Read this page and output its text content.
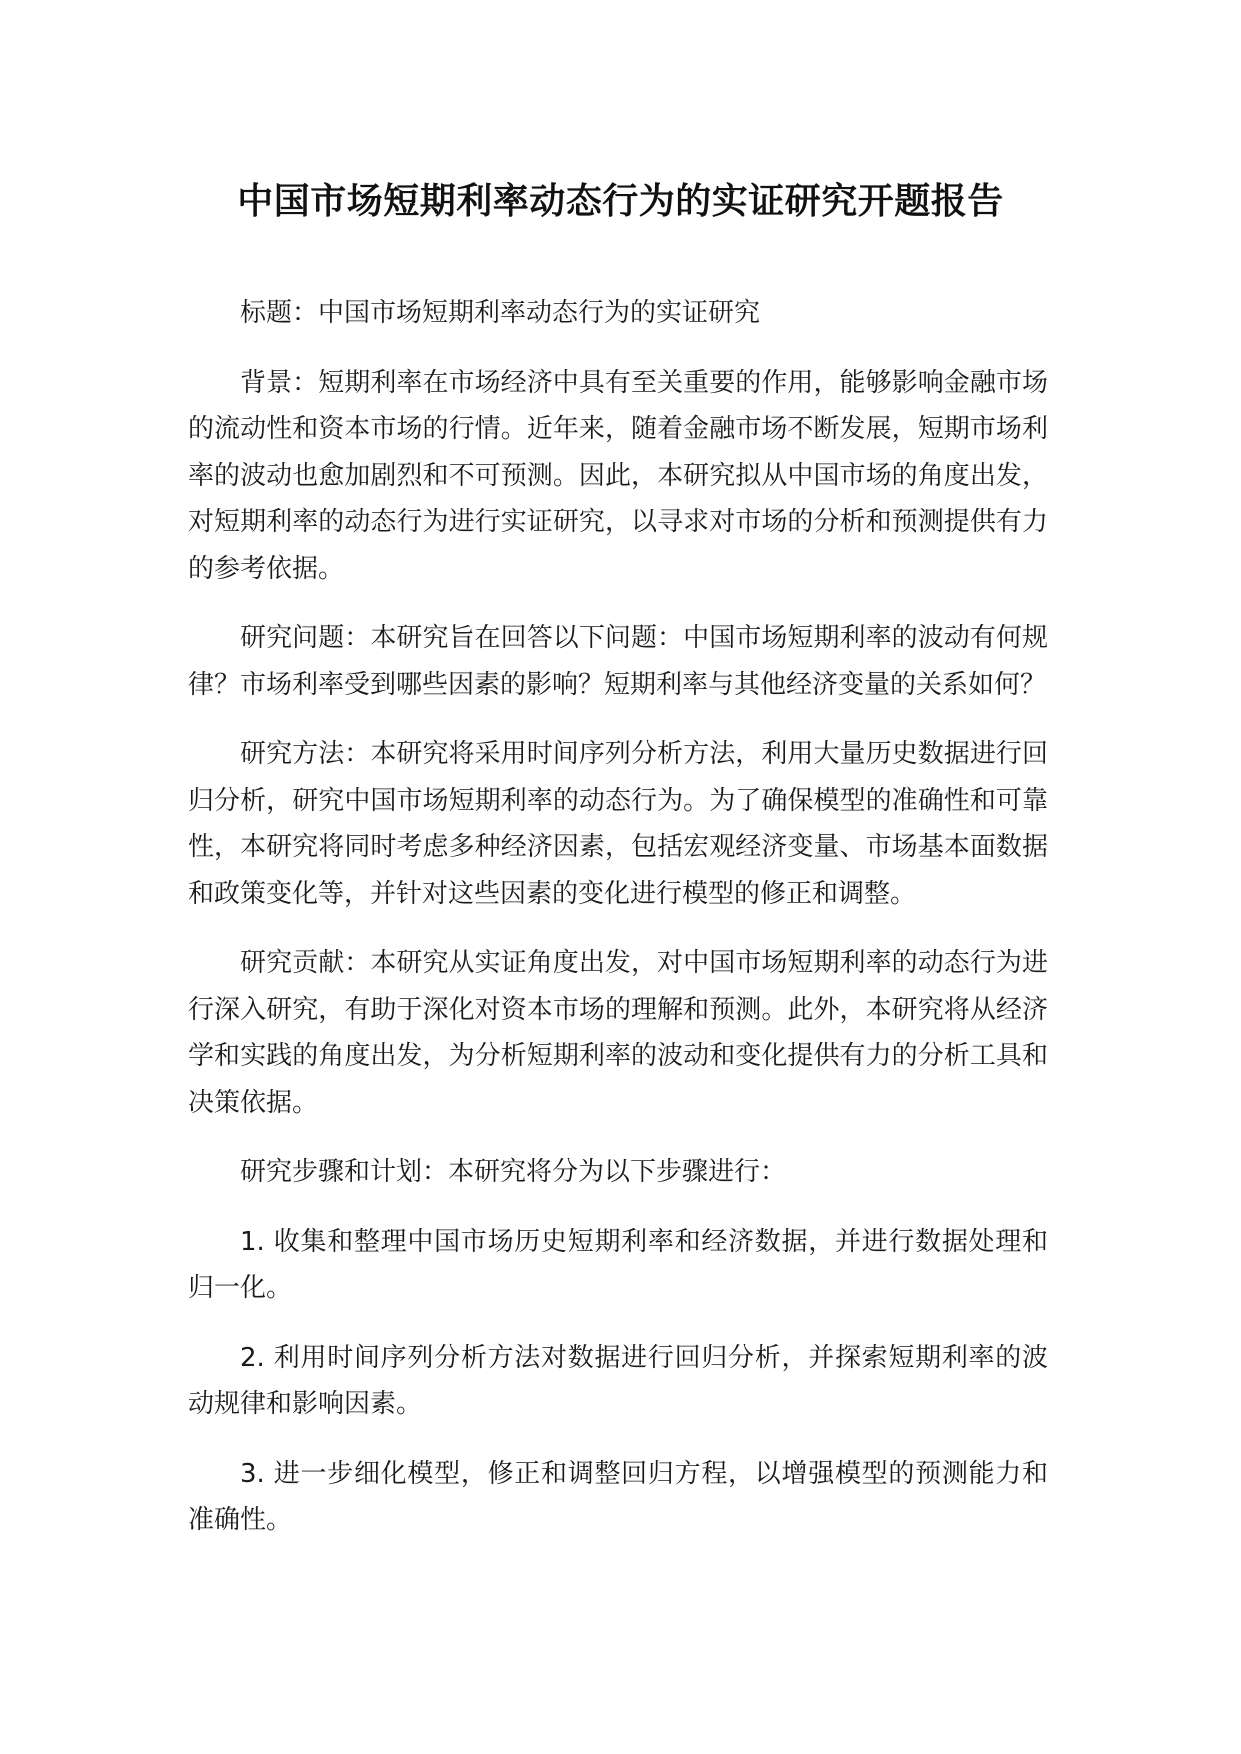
中国市场短期利率动态行为的实证研究开题报告

标题：中国市场短期利率动态行为的实证研究

背景：短期利率在市场经济中具有至关重要的作用，能够影响金融市场的流动性和资本市场的行情。近年来，随着金融市场不断发展，短期市场利率的波动也愈加剧烈和不可预测。因此，本研究拟从中国市场的角度出发，对短期利率的动态行为进行实证研究，以寻求对市场的分析和预测提供有力的参考依据。

研究问题：本研究旨在回答以下问题：中国市场短期利率的波动有何规律？市场利率受到哪些因素的影响？短期利率与其他经济变量的关系如何？

研究方法：本研究将采用时间序列分析方法，利用大量历史数据进行回归分析，研究中国市场短期利率的动态行为。为了确保模型的准确性和可靠性，本研究将同时考虑多种经济因素，包括宏观经济变量、市场基本面数据和政策变化等，并针对这些因素的变化进行模型的修正和调整。

研究贡献：本研究从实证角度出发，对中国市场短期利率的动态行为进行深入研究，有助于深化对资本市场的理解和预测。此外，本研究将从经济学和实践的角度出发，为分析短期利率的波动和变化提供有力的分析工具和决策依据。

研究步骤和计划：本研究将分为以下步骤进行：

1. 收集和整理中国市场历史短期利率和经济数据，并进行数据处理和归一化。

2. 利用时间序列分析方法对数据进行回归分析，并探索短期利率的波动规律和影响因素。

3. 进一步细化模型，修正和调整回归方程，以增强模型的预测能力和准确性。
